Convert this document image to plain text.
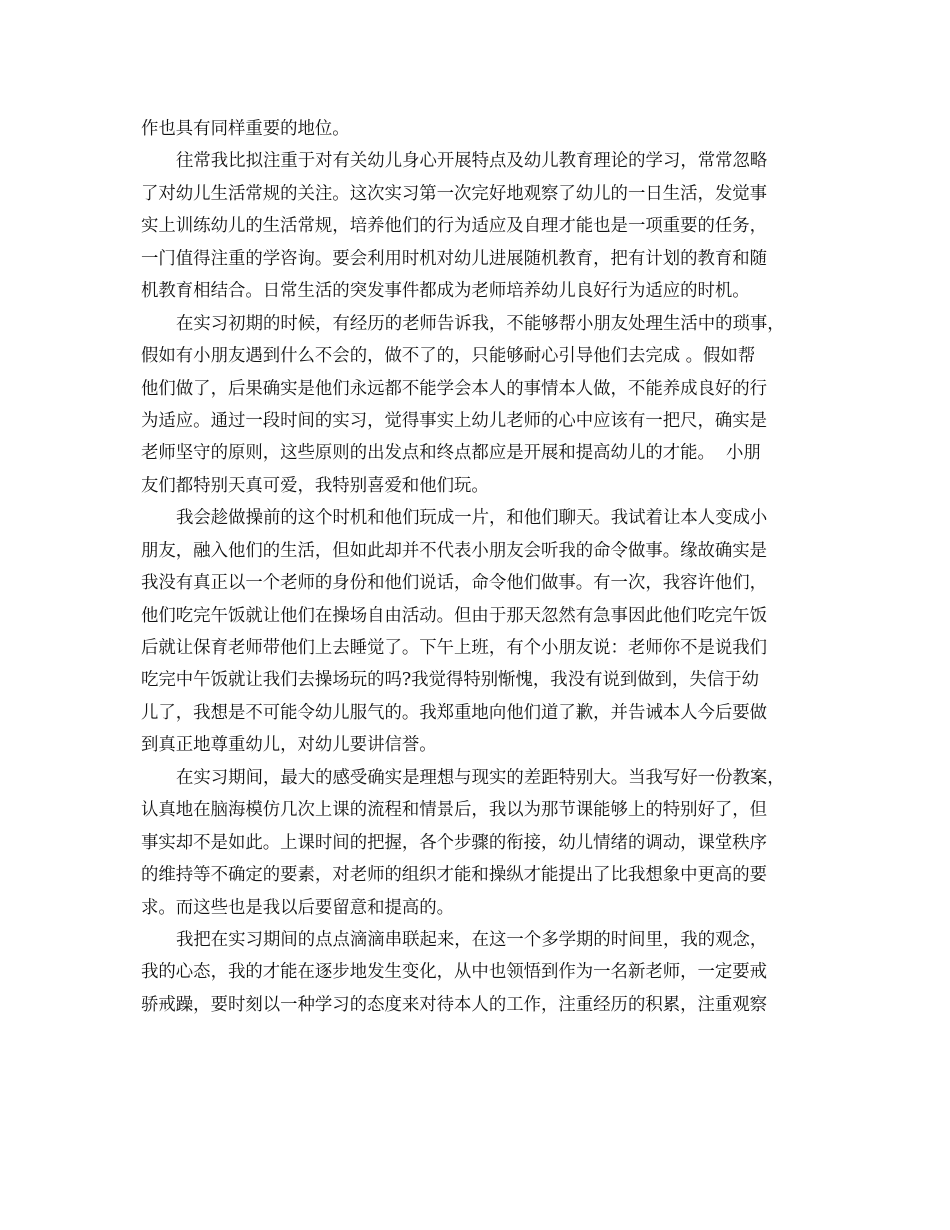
作也具有同样重要的地位。
往常我比拟注重于对有关幼儿身心开展特点及幼儿教育理论的学习，常常忽略
了对幼儿生活常规的关注。这次实习第一次完好地观察了幼儿的一日生活，发觉事
实上训练幼儿的生活常规，培养他们的行为适应及自理才能也是一项重要的任务，
一门值得注重的学咨询。要会利用时机对幼儿进展随机教育，把有计划的教育和随
机教育相结合。日常生活的突发事件都成为老师培养幼儿良好行为适应的时机。
在实习初期的时候，有经历的老师告诉我，不能够帮小朋友处理生活中的琐事，
假如有小朋友遇到什么不会的，做不了的，只能够耐心引导他们去完成 。假如帮
他们做了，后果确实是他们永远都不能学会本人的事情本人做，不能养成良好的行
为适应。通过一段时间的实习，觉得事实上幼儿老师的心中应该有一把尺，确实是
老师坚守的原则，这些原则的出发点和终点都应是开展和提高幼儿的才能。  小朋
友们都特别天真可爱，我特别喜爱和他们玩。
我会趁做操前的这个时机和他们玩成一片，和他们聊天。我试着让本人变成小
朋友，融入他们的生活，但如此却并不代表小朋友会听我的命令做事。缘故确实是
我没有真正以一个老师的身份和他们说话，命令他们做事。有一次，我容许他们，
他们吃完午饭就让他们在操场自由活动。但由于那天忽然有急事因此他们吃完午饭
后就让保育老师带他们上去睡觉了。下午上班，有个小朋友说：老师你不是说我们
吃完中午饭就让我们去操场玩的吗?我觉得特别惭愧，我没有说到做到，失信于幼
儿了，我想是不可能令幼儿服气的。我郑重地向他们道了歉，并告诫本人今后要做
到真正地尊重幼儿，对幼儿要讲信誉。
在实习期间，最大的感受确实是理想与现实的差距特别大。当我写好一份教案，
认真地在脑海模仿几次上课的流程和情景后，我以为那节课能够上的特别好了，但
事实却不是如此。上课时间的把握，各个步骤的衔接，幼儿情绪的调动，课堂秩序
的维持等不确定的要素，对老师的组织才能和操纵才能提出了比我想象中更高的要
求。而这些也是我以后要留意和提高的。
我把在实习期间的点点滴滴串联起来，在这一个多学期的时间里，我的观念，
我的心态，我的才能在逐步地发生变化，从中也领悟到作为一名新老师，一定要戒
骄戒躁，要时刻以一种学习的态度来对待本人的工作，注重经历的积累，注重观察
